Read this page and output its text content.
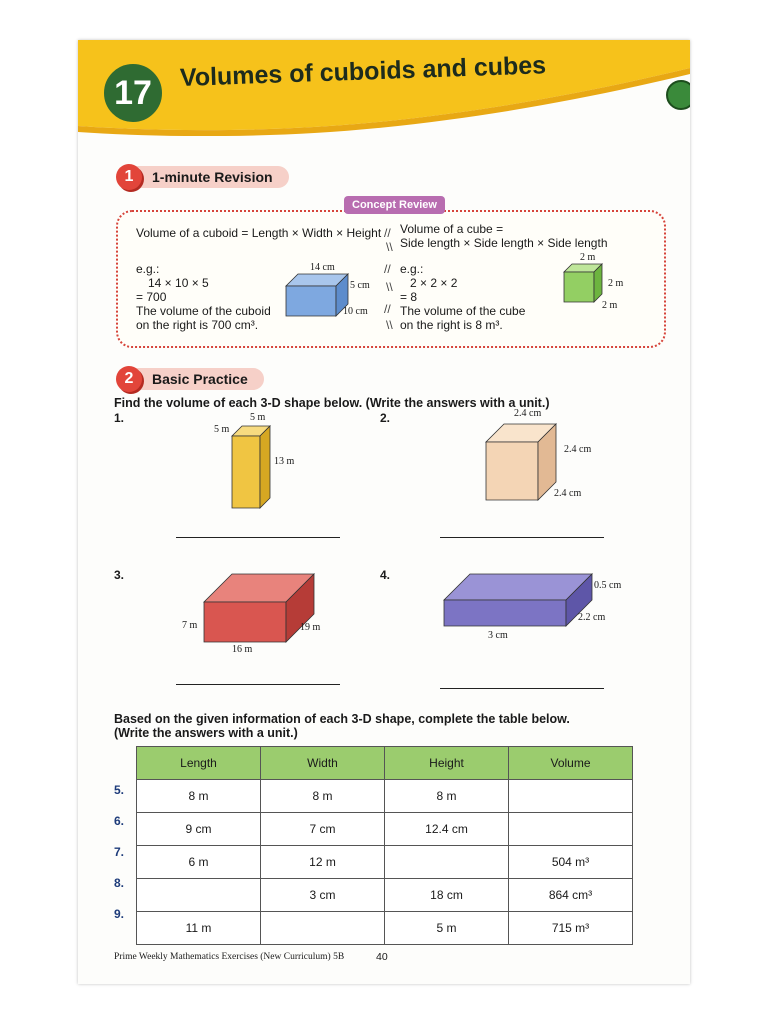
17
Volumes of cuboids and cubes
1	1-minute Revision
Concept Review
Volume of a cuboid = Length × Width × Height
e.g.:
14 × 10 × 5
= 700
The volume of the cuboid
on the right is 700 cm³.
14 cm
5 cm
10 cm
//
\\
//
\\
//
\\
Volume of a cube =
Side length × Side length × Side length
e.g.:
2 × 2 × 2
= 8
The volume of the cube
on the right is 8 m³.
2 m
2 m
2 m
2	Basic Practice
Find the volume of each 3-D shape below. (Write the answers with a unit.)
1.	5 m
5 m
13 m
2.	2.4 cm
2.4 cm
2.4 cm
3.
7 m	19 m
16 m
4.
0.5 cm
2.2 cm
3 cm
Based on the given information of each 3-D shape, complete the table below.
(Write the answers with a unit.)
Length	Width	Height	Volume
8 m	8 m	8 m	
9 cm	7 cm	12.4 cm	
6 m	12 m		504 m³
	3 cm	18 cm	864 cm³
11 m		5 m	715 m³
5.
6.
7.
8.
9.
Prime Weekly Mathematics Exercises (New Curriculum) 5B	40
